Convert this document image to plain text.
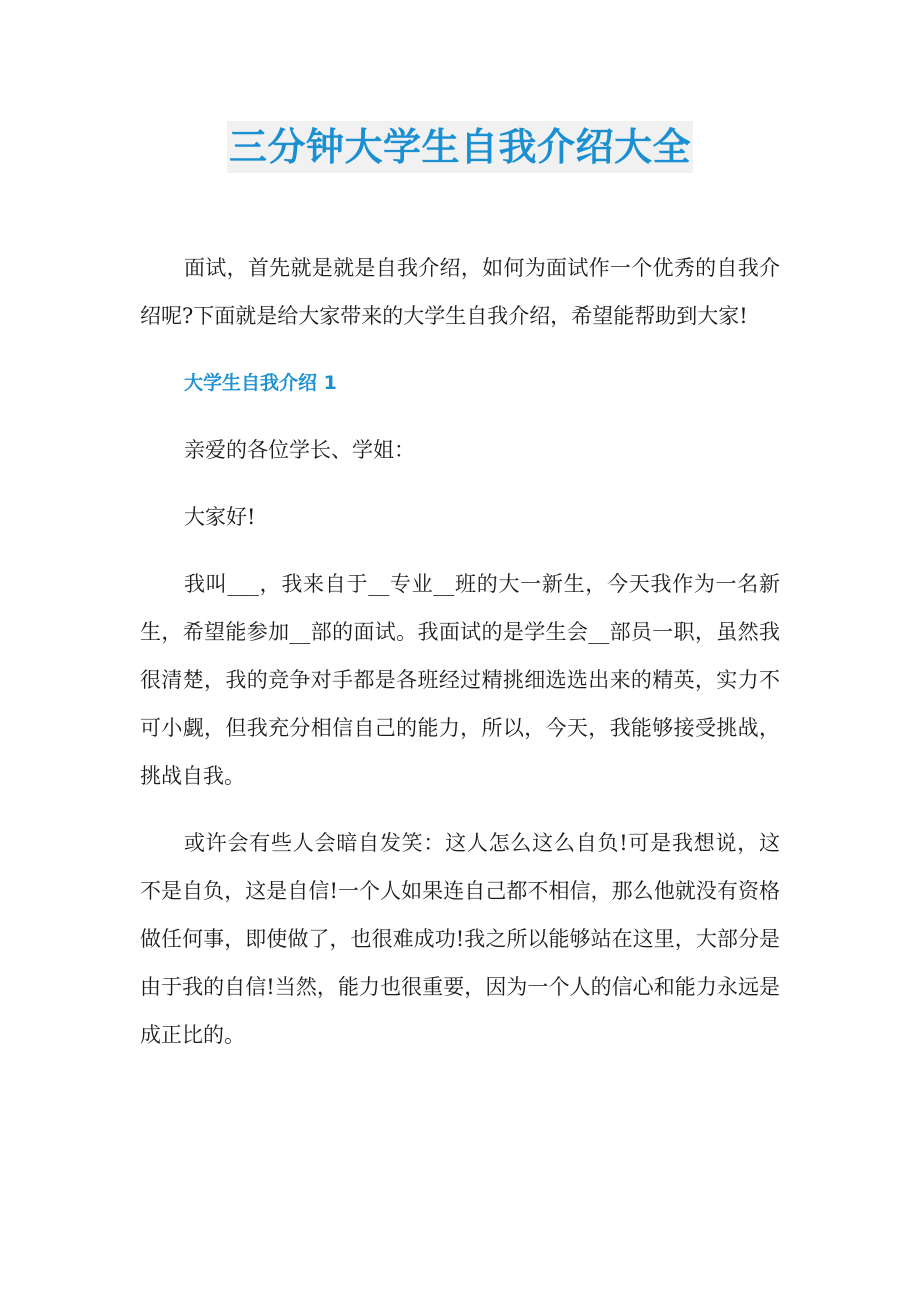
三分钟大学生自我介绍大全

面试，首先就是就是自我介绍，如何为面试作一个优秀的自我介绍呢?下面就是给大家带来的大学生自我介绍，希望能帮助到大家!

大学生自我介绍 1

亲爱的各位学长、学姐：

大家好!

我叫___，我来自于__专业__班的大一新生，今天我作为一名新生，希望能参加__部的面试。我面试的是学生会__部员一职，虽然我很清楚，我的竞争对手都是各班经过精挑细选选出来的精英，实力不可小觑，但我充分相信自己的能力，所以，今天，我能够接受挑战，挑战自我。

或许会有些人会暗自发笑：这人怎么这么自负!可是我想说，这不是自负，这是自信!一个人如果连自己都不相信，那么他就没有资格做任何事，即使做了，也很难成功!我之所以能够站在这里，大部分是由于我的自信!当然，能力也很重要，因为一个人的信心和能力永远是成正比的。
